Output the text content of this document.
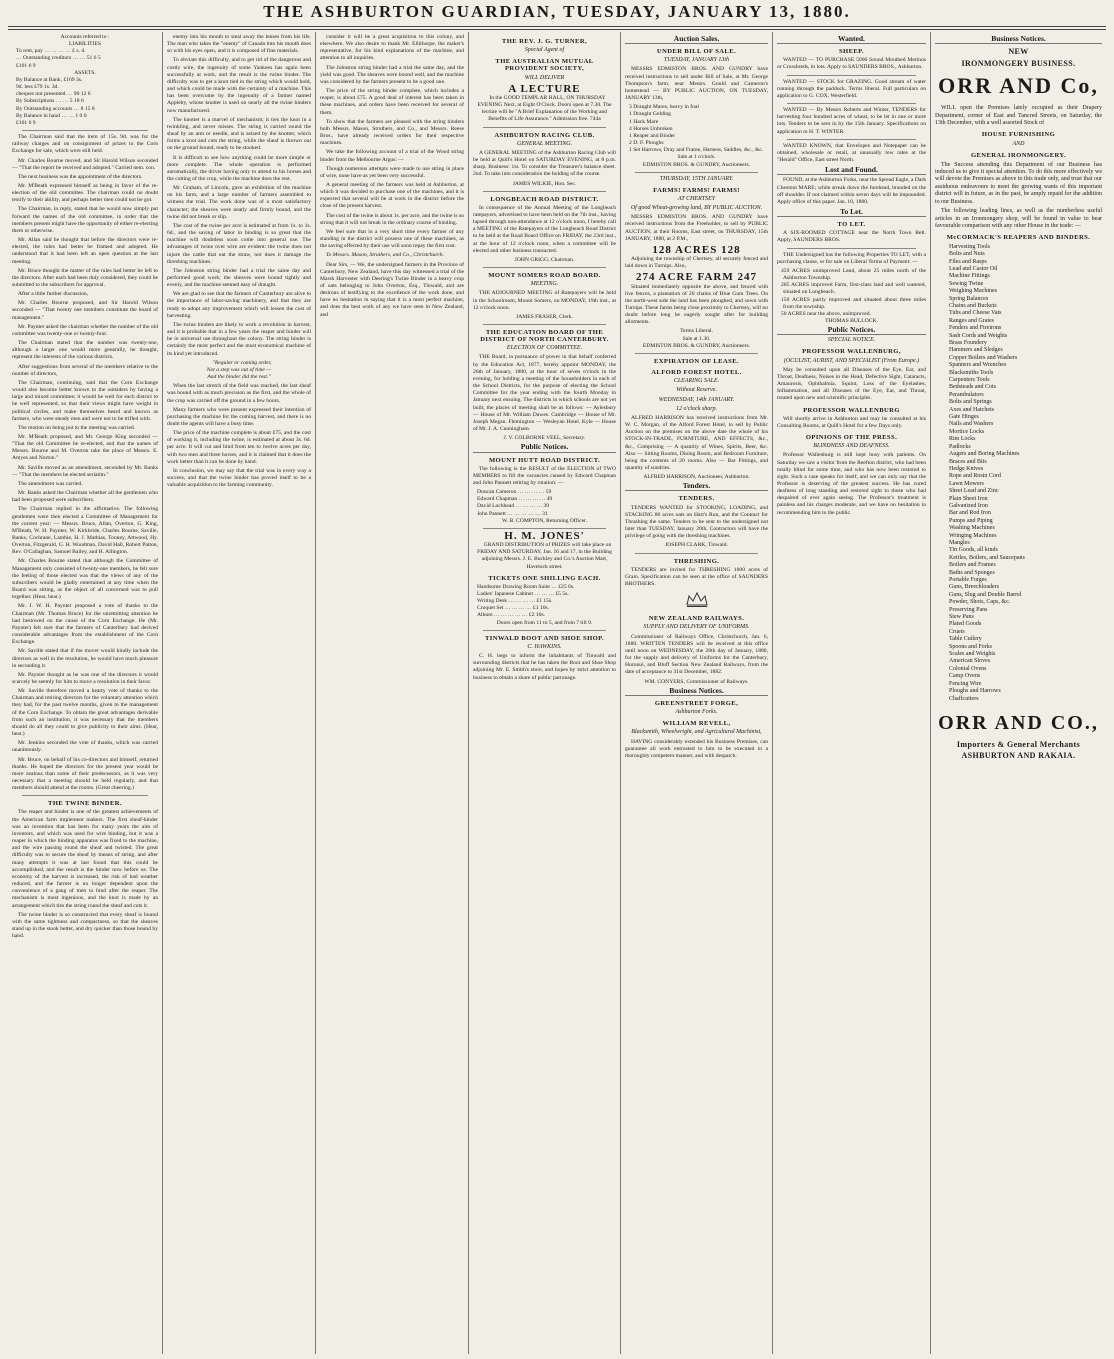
THE ASHBURTON GUARDIAN, TUESDAY, JANUARY 13, 1880.
Accounts referred to :
LIABILITIES
To rent, pay … … … … £ s. d.
… Outstanding creditors … … 51 6 5
£101 6 9
ASSETS.
By Balance at Bank, £169 3s.
9d. less £79 1s. 3d.
cheques not presented … 90 12 6
By Subscriptions … … 5 18 6
By Outstanding accounts … 8 15 8
By Balance in hand … … 1 0 0
£101 6 9

The Chairman said that the item of 15s. 9d. was for the railway charges and on consignment of prizes to the Corn Exchange for sale, which were still held.

Mr. Charles Bourne moved, and Sir Harold Wilson seconded — "That the report be received and adopted." Carried nem. con.

The next business was the appointment of the directors.

Mr. M'Beath expressed himself as being in favor of the re-election of the old committee. The chairman could no doubt testify to their ability, and perhaps better men could not be got.

The Chairman, in reply, stated that he would now simply put forward the names of the old committee, in order that the members present might have the opportunity of either re-electing them or otherwise.

Mr. Allan said he thought that before the directors were re-elected, the rules had better be framed and adopted. He understood that it had been left an open question at the last meeting.

Mr. Bruce thought the matter of the rules had better be left to the directors. After each had been duly considered, they could be submitted to the subscribers for approval.

After a little further discussion,

Mr. Charles Bourne proposed, and Sir Harold Wilson seconded — "That twenty one members constitute the board of management."

Mr. Paynter asked the chairman whether the number of the old committee was twenty-one or twenty-four.

The Chairman stated that the number was twenty-one, although a larger one would more generally, he thought, represent the interests of the various districts.

After suggestions from several of the members relative to the number of directors,

The Chairman, continuing, said that the Corn Exchange would also become better known to the outsiders by having a large and mixed committee; it would be well for each district to be well represented, so that their views might have weight in political circles, and make themselves heard and known as farmers, who were steady men and were not to be trifled with.

The motion on being put to the meeting was carried.

Mr. M'Beath proposed, and Mr. George King seconded — "That the old Committee be re-elected, and that the names of Messrs. Bourne and M. Overton take the place of Messrs. E. Amyes and Norton."

Mr. Saville moved as an amendment, seconded by Mr. Banks — "That the members be elected seriatim."

The amendment was carried.

Mr. Banks asked the Chairman whether all the gentlemen who had been proposed were subscribers.

The Chairman replied in the affirmative. The following gentlemen were then elected a Committee of Management for the current year: — Messrs. Bruce, Allan, Overton, G. King, M'Beath, W. H. Paynter, W. Kirkbride, Charles Bourne, Saville, Banks, Cochrane, Lambie, H. J. Mathias, Tooney, Attwood, Hy. Overton, Fitzgerald, G. H. Woodman, David Hall, Robert Patton, Rev. O'Callaghan, Samuel Bailey, and H. Allington.

Mr. Charles Bourne stated that although the Committee of Management only consisted of twenty-one members, he felt sure the feeling of those elected was that the views of any of the subscribers would be gladly entertained at any time when the Board was sitting, as the object of all concerned was to pull together. (Hear, hear.)

Mr. J. W. H. Paynter proposed a vote of thanks to the Chairman (Mr. Thomas Bruce) for the unremitting attention he had bestowed on the cause of the Corn Exchange. He (Mr. Paynter) felt sure that the farmers of Canterbury had derived considerable advantages from the establishment of the Corn Exchange.

Mr. Saville stated that if the mover would kindly include the directors as well in the resolution, he would have much pleasure in seconding it.

Mr. Paynter thought as he was one of the directors it would scarcely be seemly for him to move a resolution in their favor.

Mr. Saville therefore moved a hearty vote of thanks to the Chairman and retiring directors for the voluntary attention which they had, for the past twelve months, given to the management of the Corn Exchange. To obtain the great advantages derivable from such an institution, it was necessary that the members should do all they could to give publicity to their aims. (Hear, hear.)

Mr. Jenkins seconded the vote of thanks, which was carried unanimously.

Mr. Bruce, on behalf of his co-directors and himself, returned thanks. He hoped the directors for the present year would be more zealous than some of their predecessors, as it was very necessary that a meeting should be held regularly, and that members should attend at the rooms. (Great cheering.)

THE TWINE BINDER.

The reaper and binder is one of the greatest achievements of the American farm implement makers. The first sheaf-binder was an invention that has been for many years the aim of inventors, and which was used for wire binding, but it was a reaper in which the binding apparatus was fixed to the machine, and the wire passing round the sheaf and twisted. The great difficulty was to secure the sheaf by means of string, and after many attempts it was at last found that this could be accomplished, and the result is the binder now before us. The economy of the harvest is increased, the risk of bad weather reduced, and the farmer is no longer dependent upon the convenience of a gang of men to bind after the reaper. The mechanism is most ingenious, and the knot is made by an arrangement which ties the string round the sheaf and cuts it.

The twine binder is so constructed that every sheaf is bound with the same tightness and compactness, so that the sheaves stand up in the stook better, and dry quicker than those bound by hand.

enemy into his mouth to steal away the lenses from his life. The man who takes the "enemy" of Canada into his mouth does so with his eyes open, and it is composed of fine materials.

To obviate this difficulty, and to get rid of the dangerous and costly wire, the ingenuity of some Yankees has again been successfully at work, and the result is the twine binder. The difficulty was to get a knot tied in the string which would hold, and which could be made with the certainty of a machine. This has been overcome by the ingenuity of a farmer named Appleby, whose knotter is used on nearly all the twine binders now manufactured.

The knotter is a marvel of mechanism; it ties the knot in a twinkling, and never misses. The string is carried round the sheaf by an arm or needle, and is seized by the knotter, which forms a knot and cuts the string, while the sheaf is thrown out on the ground bound, ready to be stooked.

It is difficult to see how anything could be more simple or more complete. The whole operation is performed automatically, the driver having only to attend to his horses and the cutting of the crop, while the machine does the rest.

Mr. Graham, of Lincoln, gave an exhibition of the machine on his farm, and a large number of farmers assembled to witness the trial. The work done was of a most satisfactory character; the sheaves were neatly and firmly bound, and the twine did not break or slip.

The cost of the twine per acre is estimated at from 1s. to 1s. 6d., and the saving of labor in binding is so great that the machine will doubtless soon come into general use. The advantages of twine over wire are evident: the twine does not injure the cattle that eat the straw, nor does it damage the threshing machines.

The Johnston string binder had a trial the same day and performed good work; the sheaves were bound tightly and evenly, and the machine seemed easy of draught.

We are glad to see that the farmers of Canterbury are alive to the importance of labor-saving machinery, and that they are ready to adopt any improvement which will lessen the cost of harvesting.

The twine binders are likely to work a revolution in harvest, and it is probable that in a few years the reaper and binder will be in universal use throughout the colony. The string binder is certainly the most perfect and the most economical machine of its kind yet introduced.

"Regular or coming order,
Not a step was out of time —
And the binder did the rest."

When the last stretch of the field was reached, the last sheaf was bound with as much precision as the first, and the whole of the crop was carried off the ground in a few hours.

Many farmers who were present expressed their intention of purchasing the machine for the coming harvest, and there is no doubt the agents will have a busy time.

The price of the machine complete is about £75, and the cost of working it, including the twine, is estimated at about 3s. 6d. per acre. It will cut and bind from ten to twelve acres per day, with two men and three horses, and it is claimed that it does the work better than it can be done by hand.

In conclusion, we may say that the trial was in every way a success, and that the twine binder has proved itself to be a valuable acquisition to the farming community.

consider it will be a great acquisition to this colony, and elsewhere. We also desire to thank Mr. Ellithorpe, the maker's representative, for his kind explanations of the machine, and attention to all inquiries.

The Johnston string binder had a trial the same day, and the yield was good. The sheaves were bound well, and the machine was considered by the farmers present to be a good one.

The price of the string binder complete, which includes a reaper, is about £75. A good deal of interest has been taken in these machines, and orders have been received for several of them.

To show that the farmers are pleased with the string binders both Messrs. Mason, Struthers, and Co., and Messrs. Reese Bros., have already received orders for their respective machines.

We take the following account of a trial of the Wood string binder from the Melbourne Argus: —

Though numerous attempts were made to use string in place of wire, none have as yet been very successful.

A general meeting of the farmers was held at Ashburton, at which it was decided to purchase one of the machines, and it is expected that several will be at work in the district before the close of the present harvest.

The cost of the twine is about 1s. per acre, and the twine is so strong that it will not break in the ordinary course of binding.

We feel sure that in a very short time every farmer of any standing in the district will possess one of these machines, as the saving effected by their use will soon repay the first cost.

To Messrs. Mason, Struthers, and Co., Christchurch.

Dear Sirs, — We, the undersigned farmers in the Province of Canterbury, New Zealand, have this day witnessed a trial of the Marsh Harvester with Deering's Twine Binder in a heavy crop of oats belonging to John Overton, Esq., Tinwald, and are desirous of testifying to the excellence of the work done, and have no hesitation in saying that it is a most perfect machine, and does the best work of any we have seen in New Zealand, and

THE REV. J. G. TURNER,
Special Agent of
THE AUSTRALIAN MUTUAL PROVIDENT SOCIETY,
WILL DELIVER
A LECTURE

In the GOOD TEMPLAR HALL, ON THURSDAY EVENING Next, at Eight O'Clock. Doors open at 7.30. The lecture will be "A Brief Explanation of the Working and Benefits of Life Assurance." Admission free. 744a

ASHBURTON RACING CLUB.
GENERAL MEETING.

A GENERAL MEETING of the Ashburton Racing Club will be held at Quill's Hotel on SATURDAY EVENING, at 8 p.m. sharp. Business: 1st. To consider the Treasurer's balance sheet. 2nd. To take into consideration the holding of the course.

JAMES WILKIE, Hon. Sec.
LONGBEACH ROAD DISTRICT.

In consequence of the Annual Meeting of the Longbeach ratepayers, advertised to have been held on the 7th inst., having lapsed through non-attendance at 12 o'clock noon, I hereby call a MEETING of the Ratepayers of the Longbeach Road District to be held at the Road Board Office on FRIDAY, the 23rd inst., at the hour of 12 o'clock noon, when a committee will be elected and other business transacted.

JOHN GRIGG, Chairman.
MOUNT SOMERS ROAD BOARD.
MEETING.

THE ADJOURNED MEETING of Ratepayers will be held in the Schoolroom, Mount Somers, on MONDAY, 19th inst., at 12 o'clock noon.

JAMES FRASER, Clerk.
THE EDUCATION BOARD OF THE DISTRICT OF NORTH CANTERBURY.
ELECTION OF COMMITTEE.

THE Board, in pursuance of power in that behalf conferred by the Education Act, 1877, hereby appoint MONDAY, the 26th of January, 1880, at the hour of seven o'clock in the evening, for holding a meeting of the householders in each of the School Districts, for the purpose of electing the School Committee for the year ending with the fourth Monday in January next ensuing. The districts in which schools are not yet built, the places of meeting shall be as follows: — Aylesbury — House of Mr. William Dawes. Cambridge — House of Mr. Joseph Megan. Flemington — Wesleyan Hotel. Kyle — House of Mr. J. A. Cunningham.

J. V. COLBORNE VEEL, Secretary.
Public Notices.
MOUNT HUTT ROAD DISTRICT.

The following is the RESULT of the ELECTION of TWO MEMBERS to fill the vacancies caused by Edward Chapman and John Pannett retiring by rotation: —

Duncan Cameron … … … … 59
Edward Chapman … … … … 49
David Lochhead … … … … 39
John Pannett … … … … … 31
W. B. COMPTON, Returning Officer.
H. M. JONES'

GRAND DISTRIBUTION of PRIZES will take place on FRIDAY AND SATURDAY, Jan. 16 and 17, in the Building adjoining Messrs. J. E. Buckley and Co.'s Auction Mart, Havelock street.

TICKETS ONE SHILLING EACH.
Handsome Drawing Room Suite … £25 0s.
Ladies' Japanese Cabinet … … … £5 5s.
Writing Desk … … … … £1 15s.
Croquet Set … … … … £1 10s.
Album … … … … … £2 10s.
Doors open from 11 to 5, and from 7 till 9.
TINWALD BOOT AND SHOE SHOP.
C. HAWKINS.

C. H. begs to inform the inhabitants of Tinwald and surrounding districts that he has taken the Boot and Shoe Shop adjoining Mr. E. Smith's store, and hopes by strict attention to business to obtain a share of public patronage.

Auction Sales.
UNDER BILL OF SALE.
TUESDAY, JANUARY 13th

MESSRS EDMISTON BROS. AND GUNDRY have received instructions to sell under Bill of Sale, at Mr. George Thompson's farm, near Messrs. Gould and Cameron's homestead — BY PUBLIC AUCTION, ON TUESDAY, JANUARY 13th,

3 Draught Mares, heavy in foal
1 Draught Gelding
1 Hack Mare
4 Horses Unbroken
1 Reaper and Binder
2 D. F. Ploughs
1 Set Harrows, Dray and Frame, Harness, Saddles, &c., &c.
Sale at 1 o'clock.
EDMISTON BROS. & GUNDRY, Auctioneers.
THURSDAY, 15TH JANUARY.
FARMS! FARMS! FARMS!
AT CHERTSEY
Of good Wheat-growing land, BY PUBLIC AUCTION.

MESSRS EDMISTON BROS. AND GUNDRY have received instructions from the Freeholder, to sell by PUBLIC AUCTION, at their Rooms, East street, on THURSDAY, 15th JANUARY, 1880, at 2 P.M.,

128 ACRES 128

Adjoining the township of Chertsey, all securely fenced and laid down in Turnips. Also,

274 ACRE FARM 247

Situated immediately opposite the above, and fenced with live fences, a plantation of 20 chains of Blue Gum Trees. On the north-west side the land has been ploughed, and sown with Turnips. These farms being close proximity to Chertsey, will no doubt before long be eagerly sought after for building allotments.

Terms Liberal.
Sale at 1.30.
EDMISTON BROS. & GUNDRY, Auctioneers.
EXPIRATION OF LEASE.
ALFORD FOREST HOTEL.
CLEARING SALE.
Without Reserve.
WEDNESDAY, 14th JANUARY.
12 o'clock sharp.

ALFRED HARRISON has received instructions from Mr. W. C. Morgan, of the Alford Forest Hotel, to sell by Public Auction on the premises on the above date the whole of his STOCK-IN-TRADE, FURNITURE, AND EFFECTS, &c., &c., Comprising — A quantity of Wines, Spirits, Beer, &c. Also — Sitting Rooms, Dining Room, and Bedroom Furniture, being the contents of 20 rooms. Also — Bar Fittings, and quantity of sundries.

ALFRED HARRISON, Auctioneer, Ashburton.
Tenders.
TENDERS.

TENDERS WANTED for STOOKING, LOADING, and STACKING 80 acres oats on Hart's Run, and the Contract for Thrashing the same. Tenders to be sent to the undersigned not later than TUESDAY, January 20th. Contractors will have the privilege of going with the threshing machines.

JOSEPH CLARK, Tinwald.
THRESHING.

TENDERS are invited for THRESHING 1000 acres of Grain. Specification can be seen at the office of SAUNDERS BROTHERS.

NEW ZEALAND RAILWAYS.
SUPPLY AND DELIVERY OF UNIFORMS.

Commissioner of Railways Office, Christchurch, Jan. 6, 1880. WRITTEN TENDERS will be received at this office until noon on WEDNESDAY, the 28th day of January, 1880, for the supply and delivery of Uniforms for the Canterbury, Hurunui, and Bluff Section New Zealand Railways, from the date of acceptance to 31st December, 1882.

WM. CONYERS, Commissioner of Railways.
Business Notices.
GREENSTREET FORGE,
Ashburton Forks.
WILLIAM REVELL,
Blacksmith, Wheelwright, and Agricultural Machinist,

HAVING considerably extended his Business Premises, can guarantee all work entrusted to him to be executed in a thoroughly competent manner, and with despatch.

Wanted.
SHEEP.

WANTED — TO PURCHASE 5000 Sound Mouthed Merinos or Crossbreds, in lots. Apply to SAUNDERS BROS., Ashburton.

WANTED — STOCK for GRAZING. Good stream of water running through the paddock. Terms liberal. Full particulars on application to G. COX, Westerfield.

WANTED — By Messrs Roberts and Winter, TENDERS for harvesting four hundred acres of wheat, to be let in one or more lots. Tenders to be sent in by the 15th January. Specifications on application to H. T. WINTER.

WANTED KNOWN, that Envelopes and Notepaper can be obtained, wholesale or retail, at unusually low rates at the "Herald" Office, East street North.

Lost and Found.

FOUND, at the Ashburton Forks, near the Spread Eagle, a Dark Chestnut MARE; white streak down the forehead, branded on the off shoulder. If not claimed within seven days will be impounded. Apply office of this paper. Jan. 10, 1880.

To Let.
TO LET.

A SIX-ROOMED COTTAGE near the North Town Belt. Apply, SAUNDERS BROS.

THE Undersigned has the following Properties TO LET, with a purchasing clause, or for sale on Liberal Terms of Payment: —

459 ACRES unimproved Land, about 25 miles north of the Ashburton Township.
205 ACRES improved Farm, first-class land and well watered, situated on Longbeach.
150 ACRES partly improved and situated about three miles from the township.
50 ACRES near the above, unimproved.
THOMAS BULLOCK.
Public Notices.
SPECIAL NOTICE.
PROFESSOR WALLENBURG,
(OCULIST, AURIST, AND SPECIALIST (From Europe.)

May be consulted upon all Diseases of the Eye, Ear, and Throat, Deafness, Noises in the Head, Defective Sight, Cataracts, Amaurosis, Ophthalmia, Squint, Loss of the Eyelashes, Inflammation, and all Diseases of the Eye, Ear, and Throat, treated upon new and scientific principles.

PROFESSOR WALLENBURG

Will shortly arrive in Ashburton and may be consulted at his Consulting Rooms, at Quill's Hotel for a few Days only.

OPINIONS OF THE PRESS.
BLINDNESS AND DEAFNESS.

Professor Wallenburg is still kept busy with patients. On Saturday we saw a visitor from the Reefton district, who had been totally blind for some time, and who has now been restored to sight. Such a case speaks for itself, and we can only say that the Professor is deserving of the greatest success. He has cured deafness of long standing and restored sight to those who had despaired of ever again seeing. The Professor's treatment is painless and his charges moderate, and we have no hesitation in recommending him to the public.

Business Notices.
NEW
IRONMONGERY BUSINESS.
ORR AND Co,

WILL open the Premises lately occupied as their Drapery Department, corner of East and Tancred Streets, on Saturday, the 13th December, with a well assorted Stock of

HOUSE FURNISHING
AND
GENERAL IRONMONGERY.

The Success attending this Department of our Business has induced us to give it special attention. To do this more effectively we will devote the Premises as above to this trade only, and trust that our assiduous endeavours to meet the growing wants of this important district will in future, as in the past, be amply repaid for the addition to our Business.

The following leading lines, as well as the numberless useful articles in an Ironmongery shop, will be found in value to bear favourable comparison with any other House in the trade: —

McCORMACK'S REAPERS AND BINDERS.
Harvesting Tools
Bolts and Nuts
Files and Rasps
Lead and Castor Oil
Machine Fittings
Sewing Twine
Weighing Machines
Spring Balances
Chains and Buckets
Tubs and Cheese Vats
Ranges and Grates
Fenders and Fireirons
Sash Cords and Weights
Brass Foundery
Hammers and Sledges
Copper Boilers and Washers
Spanners and Wrenches
Blacksmiths Tools
Carpenters Tools
Bedsteads and Cots
Perambulators
Bolts and Springs
Axes and Hatchets
Gate Hinges
Nails and Washers
Mortice Locks
Rim Locks
Padlocks
Augers and Boring Machines
Braces and Bits
Hedge Knives
Rope and Rosin Cord
Lawn Mowers
Sheet Lead and Zinc
Plain Sheet Iron
Galvanized Iron
Bar and Rod Iron
Pumps and Piping
Washing Machines
Wringing Machines
Mangles
Tin Goods, all kinds
Kettles, Boilers, and Saucepans
Boilers and Frames
Baths and Sponges
Portable Forges
Guns, Breechloaders
Guns, Slug and Double Barrel
Powder, Shots, Caps, &c.
Preserving Pans
Stew Pans
Plated Goods
Cruets
Table Cutlery
Spoons and Forks
Scales and Weights
American Stoves
Colonial Ovens
Camp Ovens
Fencing Wire
Ploughs and Harrows
Chaffcutters
ORR AND CO.,
Importers & General Merchants
ASHBURTON AND RAKAIA.
